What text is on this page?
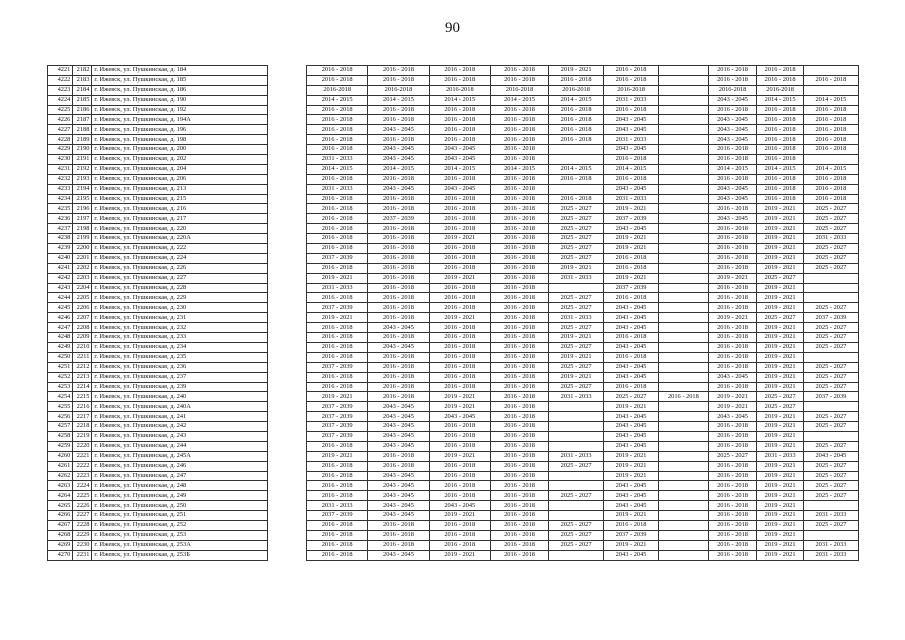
90
4221	2182	г. Ижевск, ул. Пушкинская, д. 184		2016 - 2018	2016 - 2018	2016 - 2018	2016 - 2018	2019 - 2021	2016 - 2018		2016 - 2018	2016 - 2018	
4222	2183	г. Ижевск, ул. Пушкинская, д. 185		2016 - 2018	2016 - 2018	2016 - 2018	2016 - 2018	2016 - 2018	2016 - 2018		2016 - 2018	2016 - 2018	2016 - 2018
4223	2184	г. Ижевск, ул. Пушкинская, д. 186		2016-2018	2016-2018	2016-2018	2016-2018	2016-2018	2016-2018		2016-2018	2016-2018	
4224	2185	г. Ижевск, ул. Пушкинская, д. 190		2014 - 2015	2014 - 2015	2014 - 2015	2014 - 2015	2014 - 2015	2031 - 2033		2043 - 2045	2014 - 2015	2014 - 2015
4225	2186	г. Ижевск, ул. Пушкинская, д. 192		2016 - 2018	2016 - 2018	2016 - 2018	2016 - 2018	2016 - 2018	2016 - 2018		2016 - 2018	2016 - 2018	2016 - 2018
4226	2187	г. Ижевск, ул. Пушкинская, д. 194А		2016 - 2018	2016 - 2018	2016 - 2018	2016 - 2018	2016 - 2018	2043 - 2045		2043 - 2045	2016 - 2018	2016 - 2018
4227	2188	г. Ижевск, ул. Пушкинская, д. 196		2016 - 2018	2043 - 2045	2016 - 2018	2016 - 2018	2016 - 2018	2043 - 2045		2043 - 2045	2016 - 2018	2016 - 2018
4228	2189	г. Ижевск, ул. Пушкинская, д. 198		2016 - 2018	2016 - 2018	2016 - 2018	2016 - 2018	2016 - 2018	2031 - 2033		2043 - 2045	2016 - 2018	2016 - 2018
4229	2190	г. Ижевск, ул. Пушкинская, д. 200		2016 - 2018	2043 - 2045	2043 - 2045	2016 - 2018		2043 - 2045		2016 - 2018	2016 - 2018	2016 - 2018
4230	2191	г. Ижевск, ул. Пушкинская, д. 202		2031 - 2033	2043 - 2045	2043 - 2045	2016 - 2018		2016 - 2018		2016 - 2018	2016 - 2018	
4231	2192	г. Ижевск, ул. Пушкинская, д. 204		2014 - 2015	2014 - 2015	2014 - 2015	2014 - 2015	2014 - 2015	2014 - 2015		2014 - 2015	2014 - 2015	2014 - 2015
4232	2193	г. Ижевск, ул. Пушкинская, д. 206		2016 - 2018	2016 - 2018	2016 - 2018	2016 - 2018	2016 - 2018	2016 - 2018		2016 - 2018	2016 - 2018	2016 - 2018
4233	2194	г. Ижевск, ул. Пушкинская, д. 213		2031 - 2033	2043 - 2045	2043 - 2045	2016 - 2018		2043 - 2045		2043 - 2045	2016 - 2018	2016 - 2018
4234	2195	г. Ижевск, ул. Пушкинская, д. 215		2016 - 2018	2016 - 2018	2016 - 2018	2016 - 2018	2016 - 2018	2031 - 2033		2043 - 2045	2016 - 2018	2016 - 2018
4235	2196	г. Ижевск, ул. Пушкинская, д. 216		2016 - 2018	2016 - 2018	2016 - 2018	2016 - 2018	2025 - 2027	2019 - 2021		2016 - 2018	2019 - 2021	2025 - 2027
4236	2197	г. Ижевск, ул. Пушкинская, д. 217		2016 - 2018	2037 - 2039	2016 - 2018	2016 - 2018	2025 - 2027	2037 - 2039		2043 - 2045	2019 - 2021	2025 - 2027
4237	2198	г. Ижевск, ул. Пушкинская, д. 220		2016 - 2018	2016 - 2018	2016 - 2018	2016 - 2018	2025 - 2027	2043 - 2045		2016 - 2018	2019 - 2021	2025 - 2027
4238	2199	г. Ижевск, ул. Пушкинская, д. 220А		2016 - 2018	2016 - 2018	2019 - 2021	2016 - 2018	2025 - 2027	2019 - 2021		2016 - 2018	2019 - 2021	2031 - 2033
4239	2200	г. Ижевск, ул. Пушкинская, д. 222		2016 - 2018	2016 - 2018	2016 - 2018	2016 - 2018	2025 - 2027	2019 - 2021		2016 - 2018	2019 - 2021	2025 - 2027
4240	2201	г. Ижевск, ул. Пушкинская, д. 224		2037 - 2039	2016 - 2018	2016 - 2018	2016 - 2018	2025 - 2027	2016 - 2018		2016 - 2018	2019 - 2021	2025 - 2027
4241	2202	г. Ижевск, ул. Пушкинская, д. 226		2016 - 2018	2016 - 2018	2016 - 2018	2016 - 2018	2019 - 2021	2016 - 2018		2016 - 2018	2019 - 2021	2025 - 2027
4242	2203	г. Ижевск, ул. Пушкинская, д. 227		2019 - 2021	2016 - 2018	2019 - 2021	2016 - 2018	2031 - 2033	2019 - 2021		2019 - 2021	2025 - 2027	
4243	2204	г. Ижевск, ул. Пушкинская, д. 228		2031 - 2033	2016 - 2018	2016 - 2018	2016 - 2018		2037 - 2039		2016 - 2018	2019 - 2021	
4244	2205	г. Ижевск, ул. Пушкинская, д. 229		2016 - 2018	2016 - 2018	2016 - 2018	2016 - 2018	2025 - 2027	2016 - 2018		2016 - 2018	2019 - 2021	
4245	2206	г. Ижевск, ул. Пушкинская, д. 230		2037 - 2039	2016 - 2018	2016 - 2018	2016 - 2018	2025 - 2027	2043 - 2045		2016 - 2018	2019 - 2021	2025 - 2027
4246	2207	г. Ижевск, ул. Пушкинская, д. 231		2019 - 2021	2016 - 2018	2019 - 2021	2016 - 2018	2031 - 2033	2043 - 2045		2019 - 2021	2025 - 2027	2037 - 2039
4247	2208	г. Ижевск, ул. Пушкинская, д. 232		2016 - 2018	2043 - 2045	2016 - 2018	2016 - 2018	2025 - 2027	2043 - 2045		2016 - 2018	2019 - 2021	2025 - 2027
4248	2209	г. Ижевск, ул. Пушкинская, д. 233		2016 - 2018	2016 - 2018	2016 - 2018	2016 - 2018	2019 - 2021	2016 - 2018		2016 - 2018	2019 - 2021	2025 - 2027
4249	2210	г. Ижевск, ул. Пушкинская, д. 234		2016 - 2018	2043 - 2045	2016 - 2018	2016 - 2018	2025 - 2027	2043 - 2045		2016 - 2018	2019 - 2021	2025 - 2027
4250	2211	г. Ижевск, ул. Пушкинская, д. 235		2016 - 2018	2016 - 2018	2016 - 2018	2016 - 2018	2019 - 2021	2016 - 2018		2016 - 2018	2019 - 2021	
4251	2212	г. Ижевск, ул. Пушкинская, д. 236		2037 - 2039	2016 - 2018	2016 - 2018	2016 - 2018	2025 - 2027	2043 - 2045		2016 - 2018	2019 - 2021	2025 - 2027
4252	2213	г. Ижевск, ул. Пушкинская, д. 237		2016 - 2018	2016 - 2018	2016 - 2018	2016 - 2018	2019 - 2021	2043 - 2045		2043 - 2045	2019 - 2021	2025 - 2027
4253	2214	г. Ижевск, ул. Пушкинская, д. 239		2016 - 2018	2016 - 2018	2016 - 2018	2016 - 2018	2025 - 2027	2016 - 2018		2016 - 2018	2019 - 2021	2025 - 2027
4254	2215	г. Ижевск, ул. Пушкинская, д. 240		2019 - 2021	2016 - 2018	2019 - 2021	2016 - 2018	2031 - 2033	2025 - 2027	2016 - 2018	2019 - 2021	2025 - 2027	2037 - 2039
4255	2216	г. Ижевск, ул. Пушкинская, д. 240А		2037 - 2039	2043 - 2045	2019 - 2021	2016 - 2018		2019 - 2021		2019 - 2021	2025 - 2027	
4256	2217	г. Ижевск, ул. Пушкинская, д. 241		2037 - 2039	2043 - 2045	2043 - 2045	2016 - 2018		2043 - 2045		2043 - 2045	2019 - 2021	2025 - 2027
4257	2218	г. Ижевск, ул. Пушкинская, д. 242		2037 - 2039	2043 - 2045	2016 - 2018	2016 - 2018		2043 - 2045		2016 - 2018	2019 - 2021	2025 - 2027
4258	2219	г. Ижевск, ул. Пушкинская, д. 243		2037 - 2039	2043 - 2045	2016 - 2018	2016 - 2018		2043 - 2045		2016 - 2018	2019 - 2021	
4259	2220	г. Ижевск, ул. Пушкинская, д. 244		2016 - 2018	2043 - 2045	2016 - 2018	2016 - 2018		2043 - 2045		2016 - 2018	2019 - 2021	2025 - 2027
4260	2221	г. Ижевск, ул. Пушкинская, д. 245А		2019 - 2021	2016 - 2018	2019 - 2021	2016 - 2018	2031 - 2033	2019 - 2021		2025 - 2027	2031 - 2033	2043 - 2045
4261	2222	г. Ижевск, ул. Пушкинская, д. 246		2016 - 2018	2016 - 2018	2016 - 2018	2016 - 2018	2025 - 2027	2019 - 2021		2016 - 2018	2019 - 2021	2025 - 2027
4262	2223	г. Ижевск, ул. Пушкинская, д. 247		2016 - 2018	2043 - 2045	2016 - 2018	2016 - 2018		2019 - 2021		2016 - 2018	2019 - 2021	2025 - 2027
4263	2224	г. Ижевск, ул. Пушкинская, д. 248		2016 - 2018	2043 - 2045	2016 - 2018	2016 - 2018		2043 - 2045		2016 - 2018	2019 - 2021	2025 - 2027
4264	2225	г. Ижевск, ул. Пушкинская, д. 249		2016 - 2018	2043 - 2045	2016 - 2018	2016 - 2018	2025 - 2027	2043 - 2045		2016 - 2018	2019 - 2021	2025 - 2027
4265	2226	г. Ижевск, ул. Пушкинская, д. 250		2031 - 2033	2043 - 2045	2043 - 2045	2016 - 2018		2043 - 2045		2016 - 2018	2019 - 2021	
4266	2227	г. Ижевск, ул. Пушкинская, д. 251		2037 - 2039	2043 - 2045	2019 - 2021	2016 - 2018		2019 - 2021		2016 - 2018	2019 - 2021	2031 - 2033
4267	2228	г. Ижевск, ул. Пушкинская, д. 252		2016 - 2018	2016 - 2018	2016 - 2018	2016 - 2018	2025 - 2027	2016 - 2018		2016 - 2018	2019 - 2021	2025 - 2027
4268	2229	г. Ижевск, ул. Пушкинская, д. 253		2016 - 2018	2016 - 2018	2016 - 2018	2016 - 2018	2025 - 2027	2037 - 2039		2016 - 2018	2019 - 2021	
4269	2230	г. Ижевск, ул. Пушкинская, д. 253А		2016 - 2018	2016 - 2018	2016 - 2018	2016 - 2018	2025 - 2027	2019 - 2021		2016 - 2018	2019 - 2021	2031 - 2033
4270	2231	г. Ижевск, ул. Пушкинская, д. 253Б		2016 - 2018	2043 - 2045	2019 - 2021	2016 - 2018		2043 - 2045		2016 - 2018	2019 - 2021	2031 - 2033
